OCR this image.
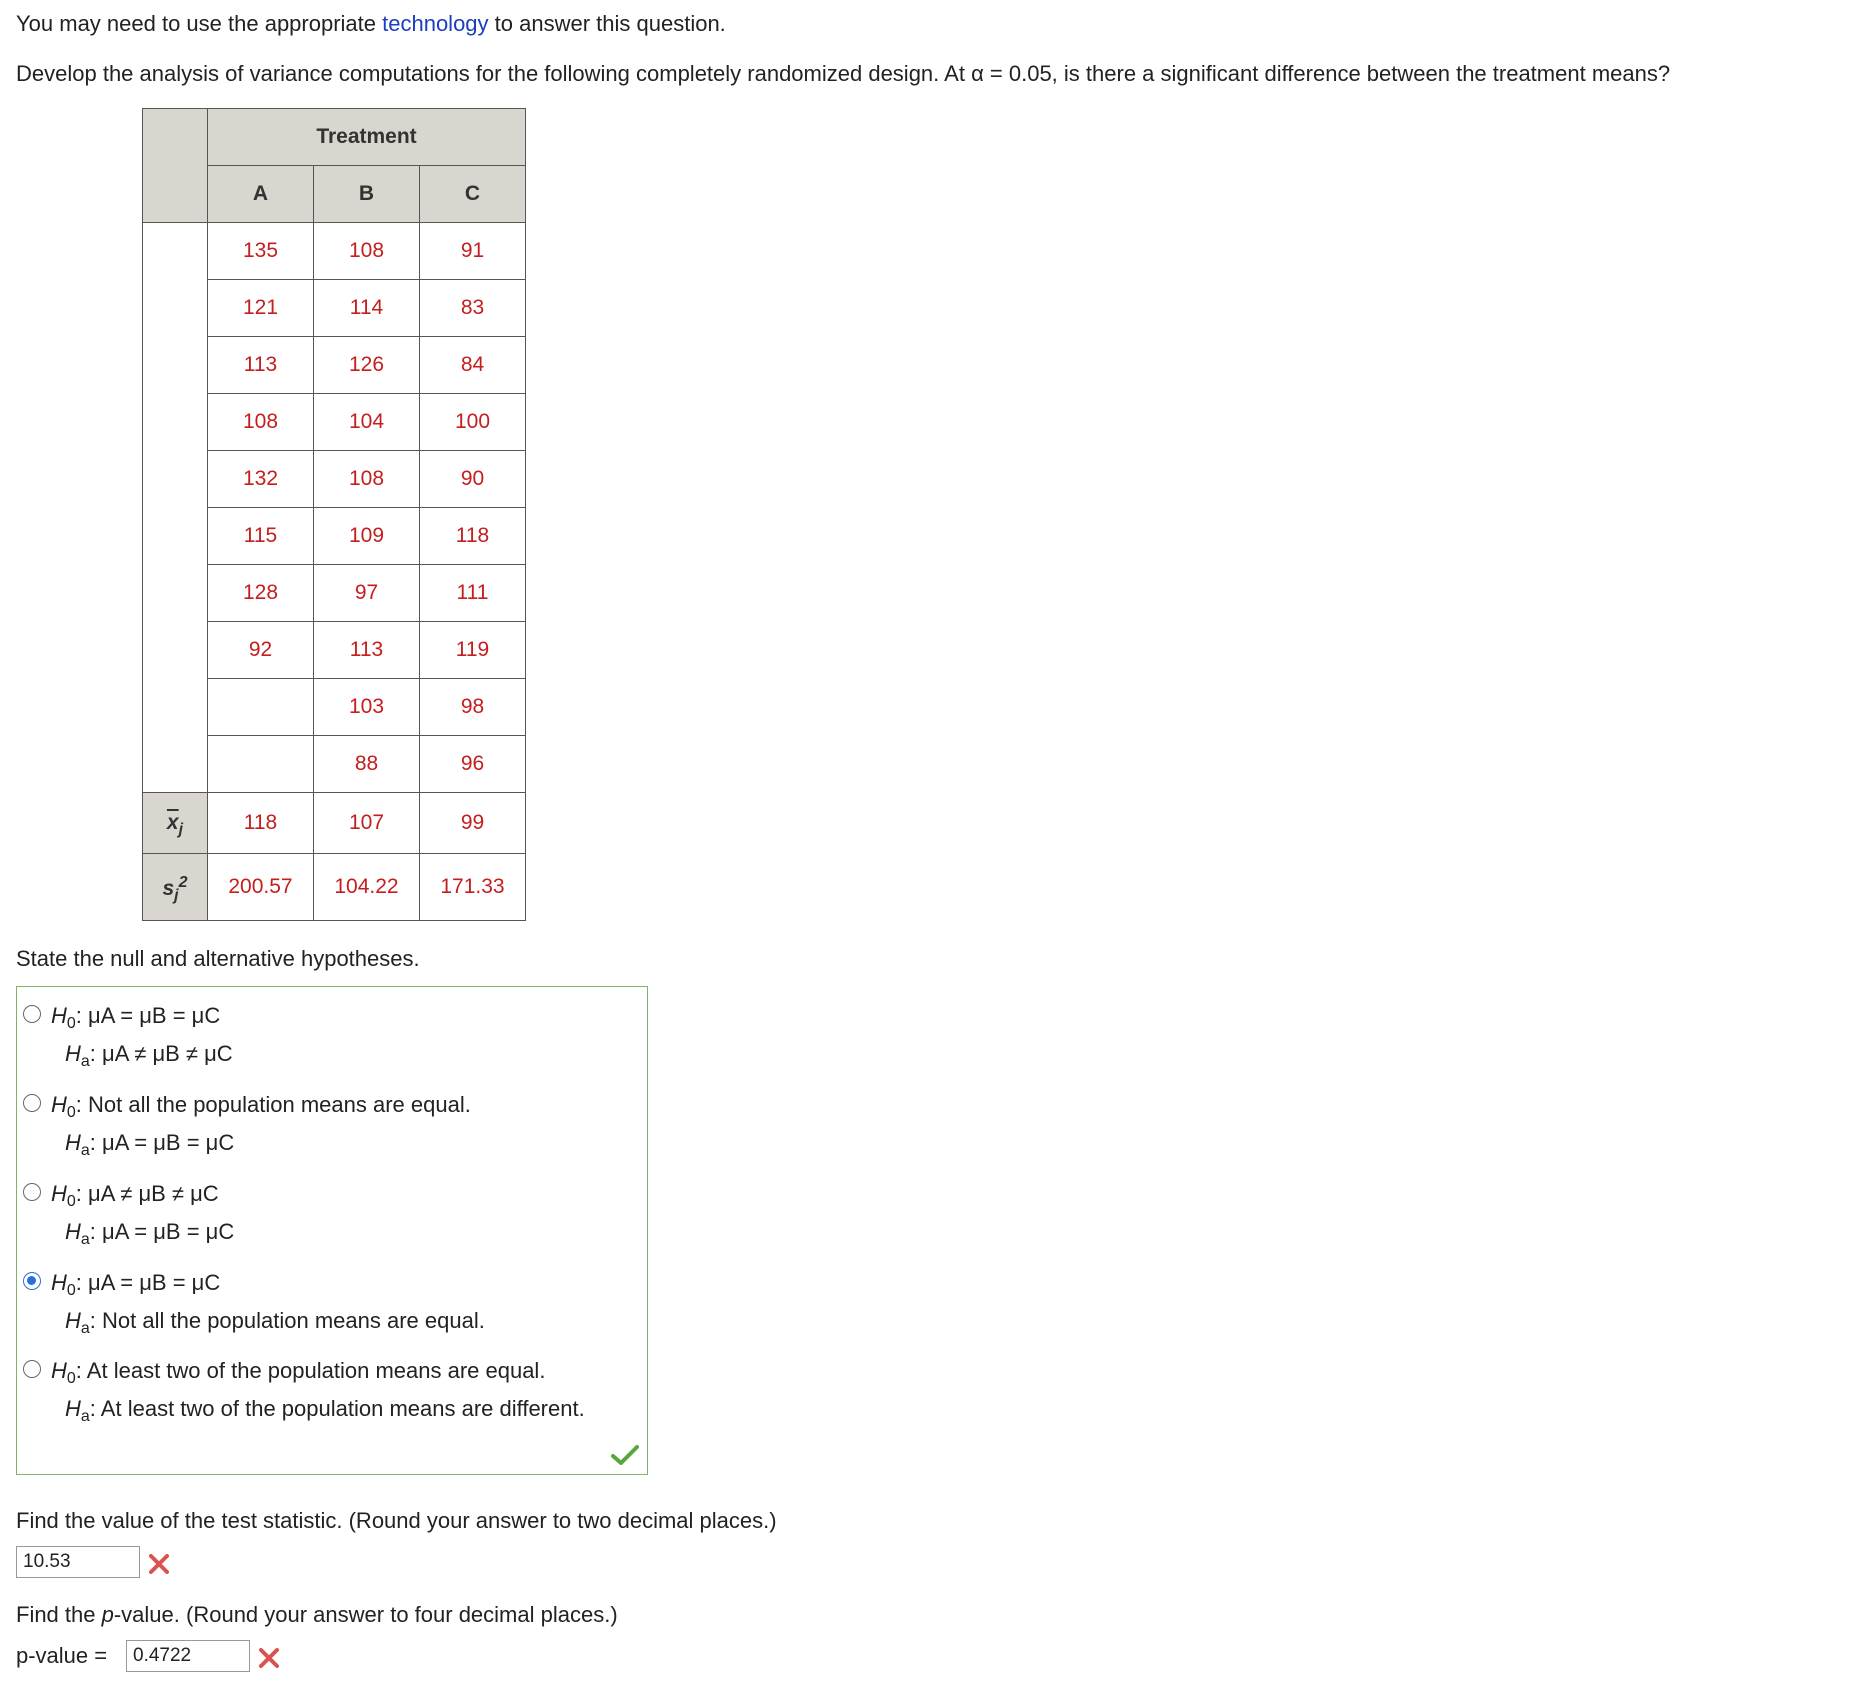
You may need to use the appropriate technology to answer this question.
Develop the analysis of variance computations for the following completely randomized design. At α = 0.05, is there a significant difference between the treatment means?
	Treatment		
	A	B	C
	135	108	91
	121	114	83
	113	126	84
	108	104	100
	132	108	90
	115	109	118
	128	97	111
	92	113	119
		103	98
		88	96
$\overline{x}_j$	118	107	99
$s_j^2$	200.57	104.22	171.33
State the null and alternative hypotheses.
$H_0$: μA = μB = μC
$H_a$: μA ≠ μB ≠ μC
$H_0$: Not all the population means are equal.
$H_a$: μA = μB = μC
$H_0$: μA ≠ μB ≠ μC
$H_a$: μA = μB = μC
$H_0$: μA = μB = μC
$H_a$: Not all the population means are equal.
$H_0$: At least two of the population means are equal.
$H_a$: At least two of the population means are different.
Find the value of the test statistic. (Round your answer to two decimal places.)
10.53
Find the p-value. (Round your answer to four decimal places.)
p-value =	0.4722
